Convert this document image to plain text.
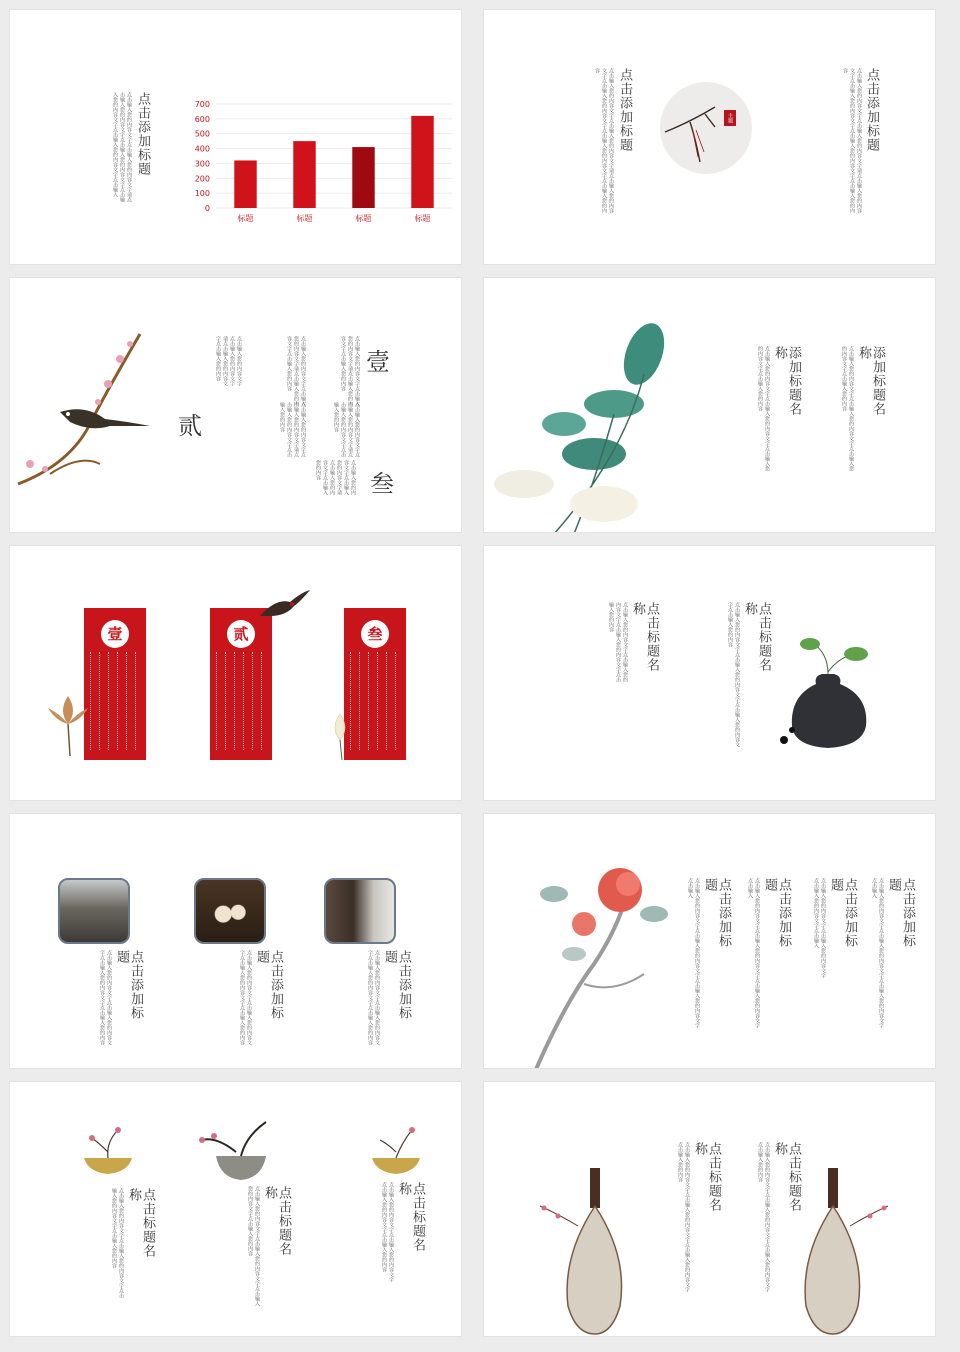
点击添加标题
点击输入您的内容文字点击输入您的内容文字请点击输入您的内容文字点击输入您的内容文字点击输入您的内容文字点击输入您的内容文字点击输入
0
100
200
300
400
500
600
700
标题	标题	标题	标题
点击添加标题
点击输入您的内容文字点击输入您的内容文字请点击输入您的内容文字点击输入您的内容文字点击输入您的内容文字点击输入您的内容
主题	点击添加标题
点击输入您的内容文字点击输入您的内容文字请点击输入您的内容文字点击输入您的内容文字点击输入您的内容文字点击输入您的内容
壹
贰
叁
点击输入您的内容文字点击输入您的内容文字请点击输入您的内容文字点击输入您的内容
点击输入您的内容文字点击输入您的内容文字请点击输入您的内容文字点击输入您的内容
点击输入您的内容文字点击输入您的内容文字请点击输入您的内容文字点击输入您的内容
点击输入您的内容文字点击输入您的内容文字请点击输入您的内容文字点击输入您的内容	点击输入您的内容文字点击输入您的内容文字请点击输入您的内容文字点击输入您的内容
点击输入您的内容文字点击输入您的内容文字请点击输入您的内容文字点击输入您的内容
添加标题名称
点击输入您的内容文字点击输入您的内容文字点击输入您的内容文字点击输入您的内容	添加标题名称
点击输入您的内容文字点击输入您的内容文字点击输入您的内容文字点击输入您的内容
壹	贰	叁	点击标题名称
点击输入您的内容文字点击输入您的内容文字点击输入您的内容文字点击输入您的内容	点击标题名称
点击输入您的内容文字点击输入您的内容文字点击输入您的内容文字点击输入您的内容
点击添加标题
点击输入您的内容文字点击输入您的内容文字点击输入您的内容文字点击输入您的内容	点击添加标题
点击输入您的内容文字点击输入您的内容文字点击输入您的内容文字点击输入您的内容	点击添加标题
点击输入您的内容文字点击输入您的内容文字点击输入您的内容文字点击输入您的内容
点击添加标题
点击输入您的内容文字点击输入您的内容文字点击输入您的内容文字点击输入	点击添加标题
点击输入您的内容文字点击输入您的内容文字点击输入您的内容文字点击输入	点击添加标题
点击输入您的内容文字点击输入您的内容文字点击输入您的内容文字点击输入	点击添加标题
点击输入您的内容文字点击输入您的内容文字点击输入您的内容文字点击输入
点击标题名称
点击输入您的内容文字点击输入您的内容文字点击输入您的内容文字点击输入您的内容	点击标题名称
点击输入您的内容文字点击输入您的内容文字点击输入您的内容文字点击输入您的内容	点击标题名称
点击输入您的内容文字点击输入您的内容文字点击输入您的内容文字点击输入您的内容
点击标题名称
点击输入您的内容文字点击输入您的内容文字点击输入您的内容文字点击输入您的内容	点击标题名称
点击输入您的内容文字点击输入您的内容文字点击输入您的内容文字点击输入您的内容
